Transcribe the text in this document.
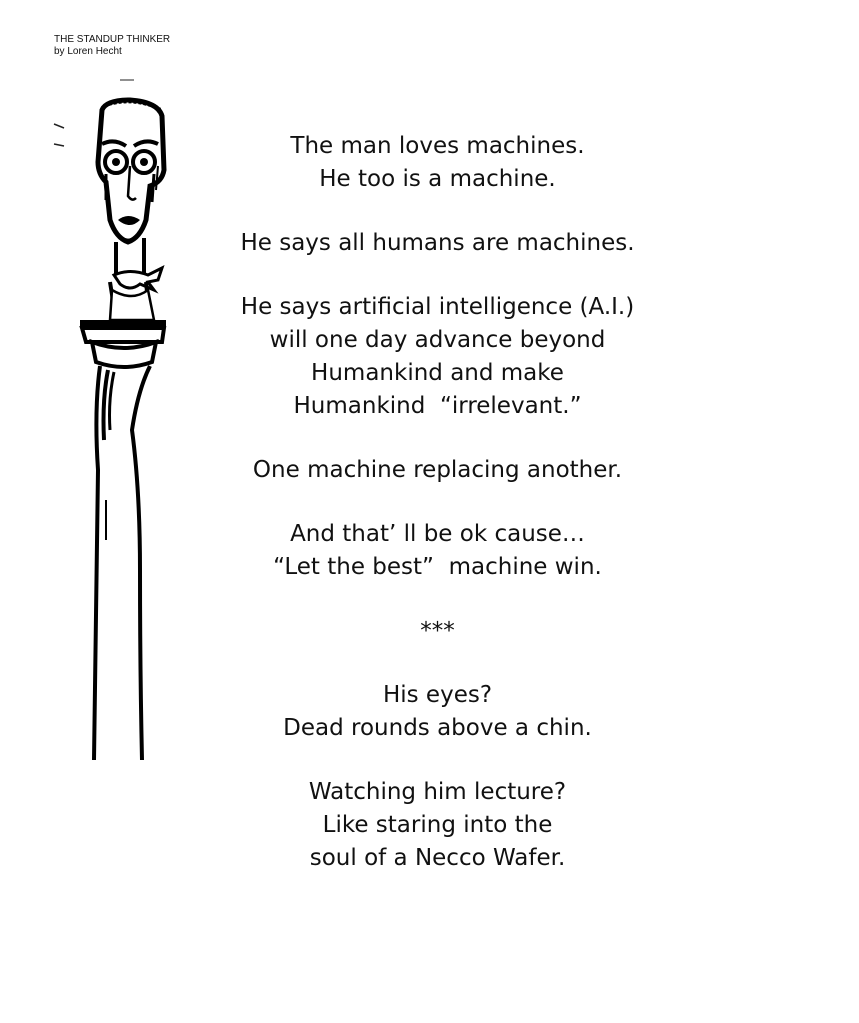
THE STANDUP THINKER
by Loren Hecht
The man loves machines.
He too is a machine.
He says all humans are machines.
He says artificial intelligence (A.I.)
will one day advance beyond
Humankind and make
Humankind  “irrelevant.”
One machine replacing another.
And that’ ll be ok cause…
“Let the best”  machine win.
***
His eyes?
Dead rounds above a chin.
Watching him lecture?
Like staring into the
soul of a Necco Wafer.
